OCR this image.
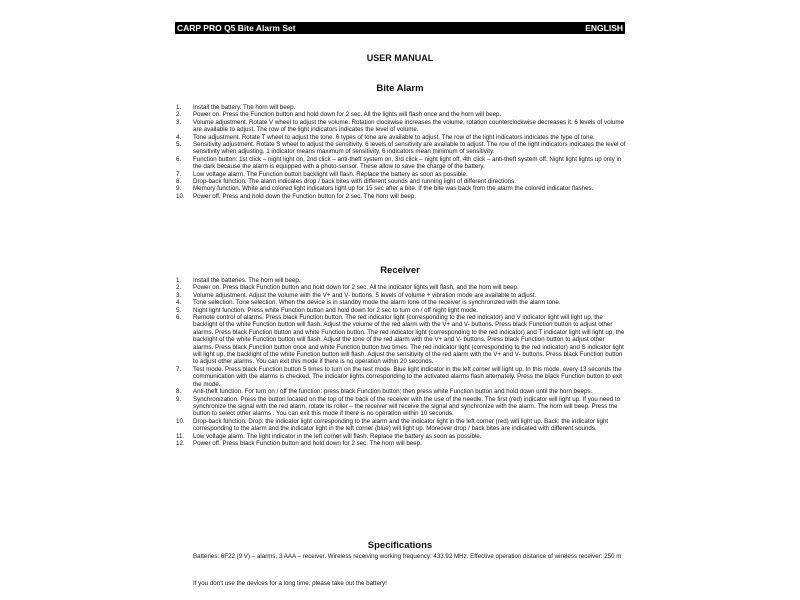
CARP PRO Q5 Bite Alarm Set	ENGLISH
USER MANUAL
Bite Alarm
1.	Install the battery. The horn will beep.
2.	Power on. Press the Function button and hold down for 2 sec. All the lights will flash once and the horn will beep.
3.	Volume adjustment. Rotate V wheel to adjust the volume. Rotation clockwise increases the volume, rotation counterclockwise decreases it. 6 levels of volume are available to adjust. The row of the light indicators indicates the level of volume.
4.	Tone adjustment. Rotate T wheel to adjust the tone. 6 types of tone are available to adjust. The row of the light indicators indicates the type of tone.
5.	Sensitivity adjustment. Rotate S wheel to adjust the sensitivity. 6 levels of sensitivity are available to adjust. The row of the light indicators indicates the level of sensitivity when adjusting. 1 indicator means maximum of sensitivity, 6 indicators mean minimum of sensitivity.
6.	Function button: 1st click – night light on, 2nd click – anti-theft system on, 3rd click – night light off, 4th click – anti-theft system off. Night light lights up only in the dark because the alarm is equipped with a photo-sensor. These allow to save the charge of the battery.
7.	Low voltage alarm. The Function button backlight will flash. Replace the battery as soon as possible.
8.	Drop-back function. The alarm indicates drop / back bites with different sounds and running light of different directions.
9.	Memory function. White and colored light indicators light up for 15 sec after a bite. If the bite was back from the alarm the colored indicator flashes.
10.	Power off. Press and hold down the Function button for 2 sec. The horn will beep.
Receiver
1.	Install the batteries. The horn will beep.
2.	Power on. Press black Function button and hold down for 2 sec. All the indicator lights will flash, and the horn will beep.
3.	Volume adjustment. Adjust the volume with the V+ and V- buttons. 5 levels of volume + vibration mode are available to adjust.
4.	Tone selection. Tone selection. When the device is in standby mode the alarm tone of the receiver is synchronized with the alarm tone.
5.	Night light function. Press white Function button and hold down for 2 sec to turn on / off night light mode.
6.	Remote control of alarms. Press black Function button. The red indicator light (corresponding to the red indicator) and V indicator light will light up, the backlight of the white Function button will flash. Adjust the volume of the red alarm with the V+ and V- buttons. Press black Function button to adjust other alarms. Press black Function button and white Function button. The red indicator light (corresponding to the red indicator) and T indicator light will light up, the backlight of the white Function button will flash. Adjust the tone of the red alarm with the V+ and V- buttons. Press black Function button to adjust other alarms. Press black Function button once and white Function button two times. The red indicator light (corresponding to the red indicator) and S indicator light will light up, the backlight of the white Function button will flash. Adjust the sensitivity of the red alarm with the V+ and V- buttons. Press black Function button to adjust other alarms. You can exit this mode if there is no operation within 20 seconds.
7.	Test mode. Press black Function button 5 times to turn on the test mode. Blue light indicator in the left corner will light up. In this mode, every 13 seconds the communication with the alarms is checked. The indicator lights corresponding to the activated alarms flash alternately. Press the black Function button to exit the mode.
8.	Anti-theft function. For turn on / off the function: press black Function button; then press white Function button and hold down until the horn beeps.
9.	Synchronization. Press the button located on the top of the back of the receiver with the use of the needle. The first (red) indicator will light up. If you need to synchronize the signal with the red alarm, rotate its roller – the receiver will receive the signal and synchronize with the alarm. The horn will beep. Press the button to select other alarms . You can exit this mode if there is no operation within 10 seconds.
10.	Drop-back function. Drop: the indicator light corresponding to the alarm and the indicator light in the left corner (red) will light up. Back: the indicator light corresponding to the alarm and the indicator light in the left corner (blue) will light up. Moreover drop / back bites are indicated with different sounds.
11.	Low voltage alarm. The light indicator in the left corner will flash. Replace the battery as soon as possible.
12.	Power off. Press black Function button and hold down for 2 sec. The horn will beep.
Specifications

Batteries: 6F22 (9 V) – alarms, 3 AAA – receiver. Wireless receiving working frequency: 433.92 MHz. Effective operation distance of wireless receiver: 250 m

If you don't use the devices for a long time, please take out the battery!
